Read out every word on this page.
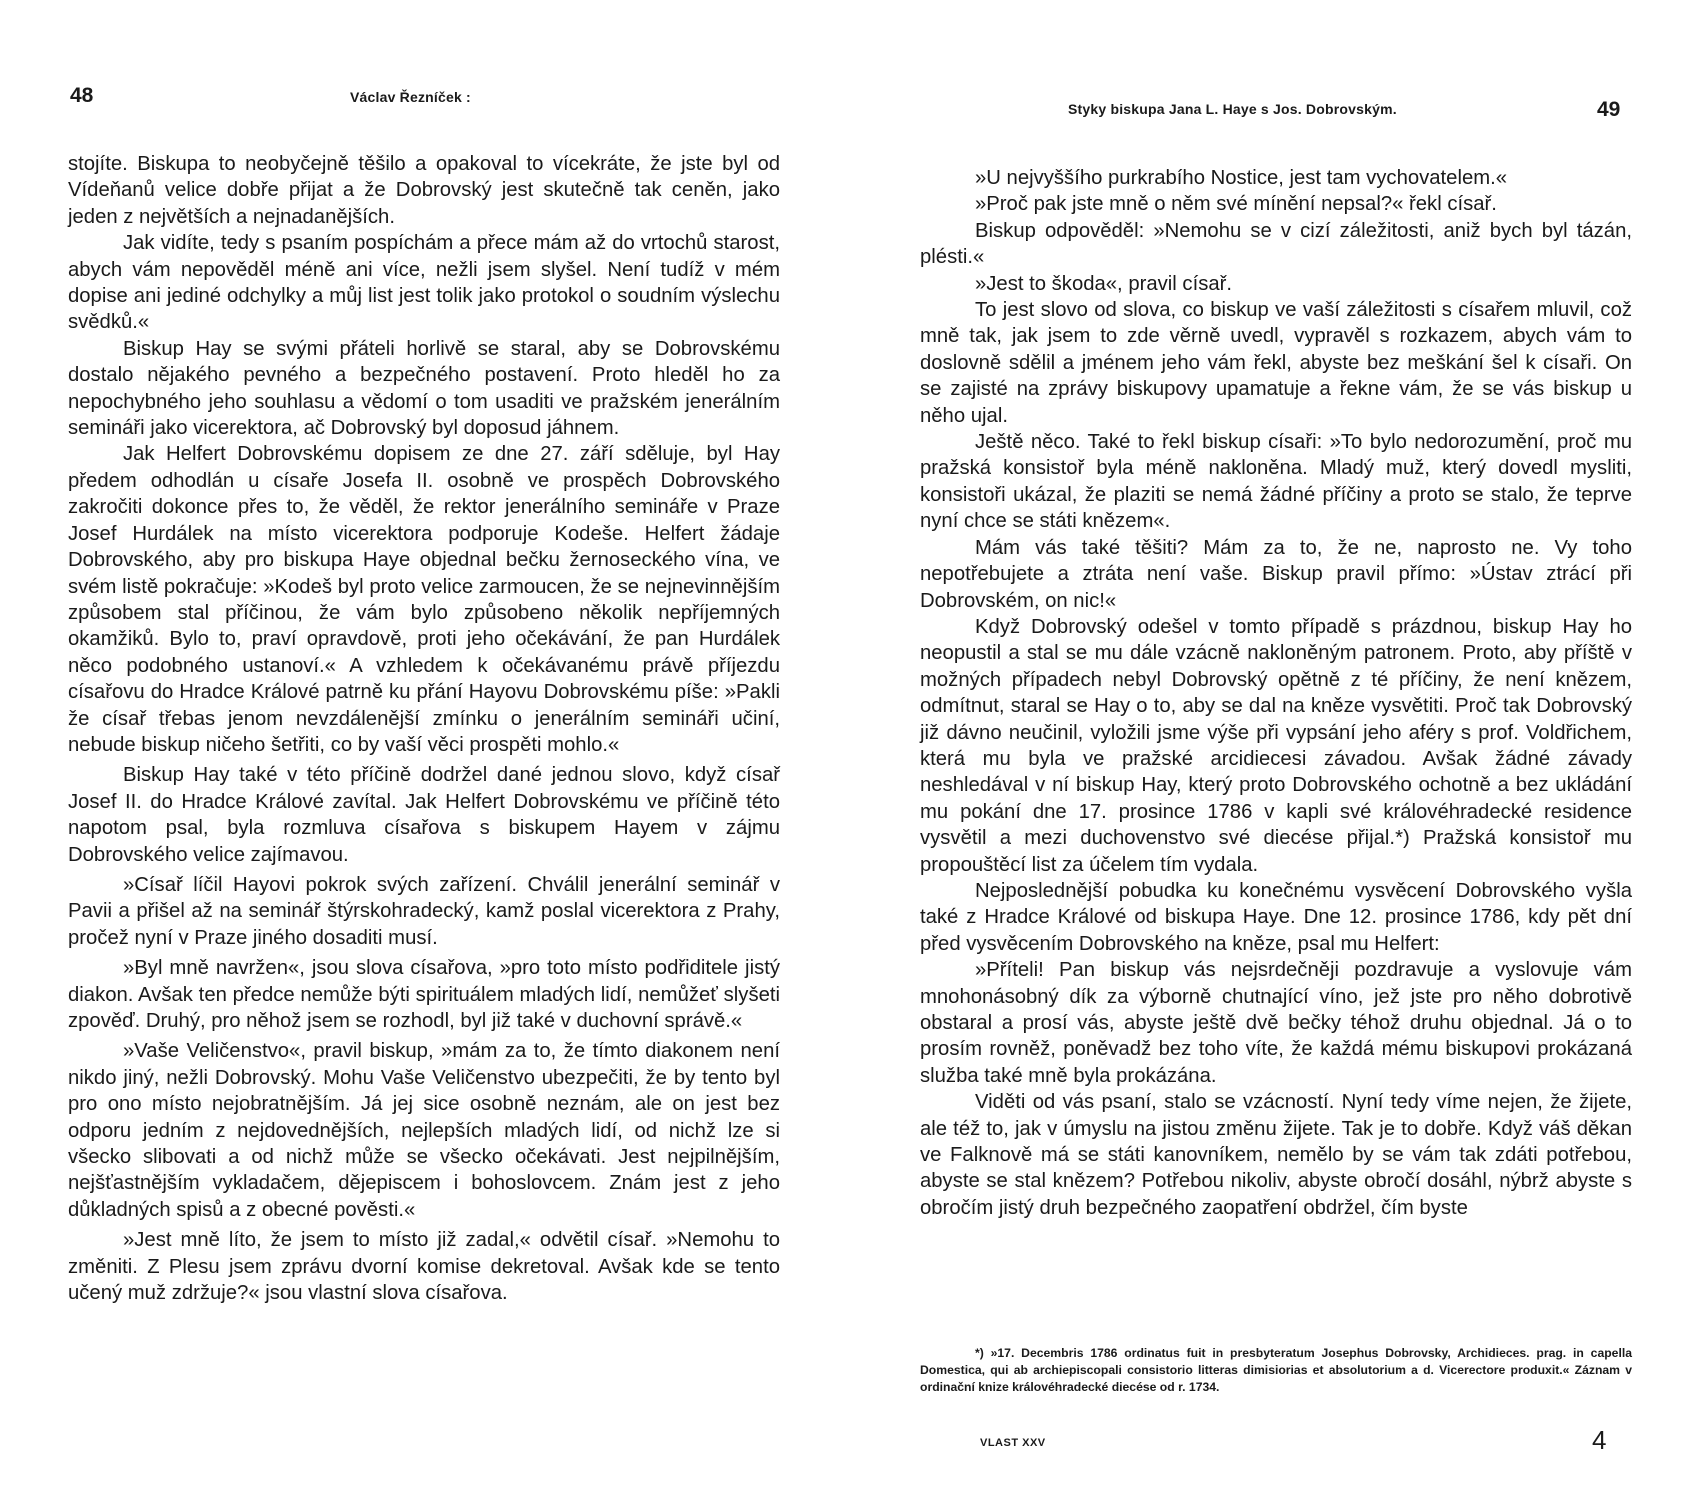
48	Václav Řezníček :

stojíte. Biskupa to neobyčejně těšilo a opakoval to vícekráte, že jste byl od Vídeňanů velice dobře přijat a že Dobrovský jest skutečně tak ceněn, jako jeden z největších a nejnadanějších.

Jak vidíte, tedy s psaním pospíchám a přece mám až do vrtochů starost, abych vám nepověděl méně ani více, nežli jsem slyšel. Není tudíž v mém dopise ani jediné odchylky a můj list jest tolik jako protokol o soudním výslechu svědků.«

Biskup Hay se svými přáteli horlivě se staral, aby se Dobrovskému dostalo nějakého pevného a bezpečného postavení. Proto hleděl ho za nepochybného jeho souhlasu a vědomí o tom usaditi ve pražském jenerálním semináři jako vicerektora, ač Dobrovský byl doposud jáhnem.

Jak Helfert Dobrovskému dopisem ze dne 27. září sděluje, byl Hay předem odhodlán u císaře Josefa II. osobně ve prospěch Dobrovského zakročiti dokonce přes to, že věděl, že rektor jenerálního semináře v Praze Josef Hurdálek na místo vicerektora podporuje Kodeše. Helfert žádaje Dobrovského, aby pro biskupa Haye objednal bečku žernoseckého vína, ve svém listě pokračuje: »Kodeš byl proto velice zarmoucen, že se nejnevinnějším způsobem stal příčinou, že vám bylo způsobeno několik nepříjemných okamžiků. Bylo to, praví opravdově, proti jeho očekávání, že pan Hurdálek něco podobného ustanoví.« A vzhledem k očekávanému právě příjezdu císařovu do Hradce Králové patrně ku přání Hayovu Dobrovskému píše: »Pakli že císař třebas jenom nevzdálenější zmínku o jenerálním semináři učiní, nebude biskup ničeho šetřiti, co by vaší věci prospěti mohlo.«

Biskup Hay také v této příčině dodržel dané jednou slovo, když císař Josef II. do Hradce Králové zavítal. Jak Helfert Dobrovskému ve příčině této napotom psal, byla rozmluva císařova s biskupem Hayem v zájmu Dobrovského velice zajímavou.

»Císař líčil Hayovi pokrok svých zařízení. Chválil jenerální seminář v Pavii a přišel až na seminář štýrskohradecký, kamž poslal vicerektora z Prahy, pročež nyní v Praze jiného dosaditi musí.

»Byl mně navržen«, jsou slova císařova, »pro toto místo podřiditele jistý diakon. Avšak ten předce nemůže býti spirituálem mladých lidí, nemůžeť slyšeti zpověď. Druhý, pro něhož jsem se rozhodl, byl již také v duchovní správě.«

»Vaše Veličenstvo«, pravil biskup, »mám za to, že tímto diakonem není nikdo jiný, nežli Dobrovský. Mohu Vaše Veličenstvo ubezpečiti, že by tento byl pro ono místo nejobratnějším. Já jej sice osobně neznám, ale on jest bez odporu jedním z nejdovednějších, nejlepších mladých lidí, od nichž lze si všecko slibovati a od nichž může se všecko očekávati. Jest nejpilnějším, nejšťastnějším vykladačem, dějepiscem i bohoslovcem. Znám jest z jeho důkladných spisů a z obecné pověsti.«

»Jest mně líto, že jsem to místo již zadal,« odvětil císař. »Nemohu to změniti. Z Plesu jsem zprávu dvorní komise dekretoval. Avšak kde se tento učený muž zdržuje?« jsou vlastní slova císařova.

Styky biskupa Jana L. Haye s Jos. Dobrovským.	49

»U nejvyššího purkrabího Nostice, jest tam vychovatelem.«

»Proč pak jste mně o něm své mínění nepsal?« řekl císař.

Biskup odpověděl: »Nemohu se v cizí záležitosti, aniž bych byl tázán, plésti.«

»Jest to škoda«, pravil císař.

To jest slovo od slova, co biskup ve vaší záležitosti s císařem mluvil, což mně tak, jak jsem to zde věrně uvedl, vypravěl s rozkazem, abych vám to doslovně sdělil a jménem jeho vám řekl, abyste bez meškání šel k císaři. On se zajisté na zprávy biskupovy upamatuje a řekne vám, že se vás biskup u něho ujal.

Ještě něco. Také to řekl biskup císaři: »To bylo nedorozumění, proč mu pražská konsistoř byla méně nakloněna. Mladý muž, který dovedl mysliti, konsistoři ukázal, že plaziti se nemá žádné příčiny a proto se stalo, že teprve nyní chce se státi knězem«.

Mám vás také těšiti? Mám za to, že ne, naprosto ne. Vy toho nepotřebujete a ztráta není vaše. Biskup pravil přímo: »Ústav ztrácí při Dobrovském, on nic!«

Když Dobrovský odešel v tomto případě s prázdnou, biskup Hay ho neopustil a stal se mu dále vzácně nakloněným patronem. Proto, aby příště v možných případech nebyl Dobrovský opětně z té příčiny, že není knězem, odmítnut, staral se Hay o to, aby se dal na kněze vysvětiti. Proč tak Dobrovský již dávno neučinil, vyložili jsme výše při vypsání jeho aféry s prof. Voldřichem, která mu byla ve pražské arcidiecesi závadou. Avšak žádné závady neshledával v ní biskup Hay, který proto Dobrovského ochotně a bez ukládání mu pokání dne 17. prosince 1786 v kapli své královéhradecké residence vysvětil a mezi duchovenstvo své diecése přijal.*) Pražská konsistoř mu propouštěcí list za účelem tím vydala.

Nejposlednější pobudka ku konečnému vysvěcení Dobrovského vyšla také z Hradce Králové od biskupa Haye. Dne 12. prosince 1786, kdy pět dní před vysvěcením Dobrovského na kněze, psal mu Helfert:

»Příteli! Pan biskup vás nejsrdečněji pozdravuje a vyslovuje vám mnohonásobný dík za výborně chutnající víno, jež jste pro něho dobrotivě obstaral a prosí vás, abyste ještě dvě bečky téhož druhu objednal. Já o to prosím rovněž, poněvadž bez toho víte, že každá mému biskupovi prokázaná služba také mně byla prokázána.

Viděti od vás psaní, stalo se vzácností. Nyní tedy víme nejen, že žijete, ale též to, jak v úmyslu na jistou změnu žijete. Tak je to dobře. Když váš děkan ve Falknově má se státi kanovníkem, nemělo by se vám tak zdáti potřebou, abyste se stal knězem? Potřebou nikoliv, abyste obročí dosáhl, nýbrž abyste s obročím jistý druh bezpečného zaopatření obdržel, čím byste

*) »17. Decembris 1786 ordinatus fuit in presbyteratum Josephus Dobrovsky, Archidieces. prag. in capella Domestica, qui ab archiepiscopali consistorio litteras dimisiorias et absolutorium a d. Vicerectore produxit.« Záznam v ordinační knize královéhradecké diecése od r. 1734.

VLAST XXV	4
